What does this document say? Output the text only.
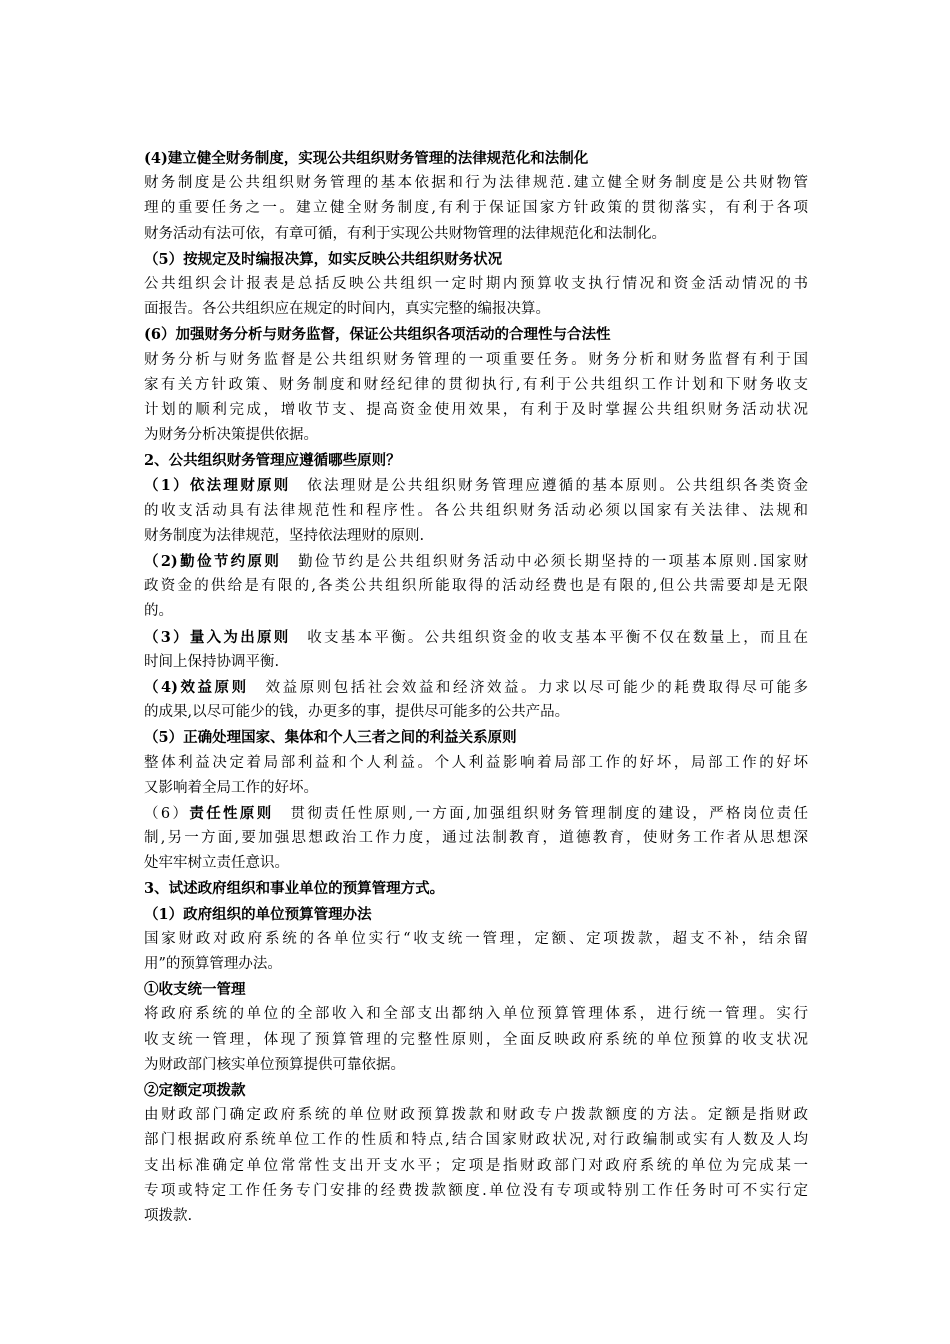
(4)建立健全财务制度，实现公共组织财务管理的法律规范化和法制化
财务制度是公共组织财务管理的基本依据和行为法律规范.建立健全财务制度是公共财物管
理的重要任务之一。建立健全财务制度,有利于保证国家方针政策的贯彻落实，有利于各项
财务活动有法可依，有章可循，有利于实现公共财物管理的法律规范化和法制化。
（5）按规定及时编报决算，如实反映公共组织财务状况
公共组织会计报表是总括反映公共组织一定时期内预算收支执行情况和资金活动情况的书
面报告。各公共组织应在规定的时间内，真实完整的编报决算。
(6）加强财务分析与财务监督，保证公共组织各项活动的合理性与合法性
财务分析与财务监督是公共组织财务管理的一项重要任务。财务分析和财务监督有利于国
家有关方针政策、财务制度和财经纪律的贯彻执行,有利于公共组织工作计划和下财务收支
计划的顺利完成，增收节支、提高资金使用效果，有利于及时掌握公共组织财务活动状况
为财务分析决策提供依据。
2、公共组织财务管理应遵循哪些原则？
（1）依法理财原则　依法理财是公共组织财务管理应遵循的基本原则。公共组织各类资金
的收支活动具有法律规范性和程序性。各公共组织财务活动必须以国家有关法律、法规和
财务制度为法律规范，坚持依法理财的原则.
（2)勤俭节约原则　勤俭节约是公共组织财务活动中必须长期坚持的一项基本原则.国家财
政资金的供给是有限的,各类公共组织所能取得的活动经费也是有限的,但公共需要却是无限
的。
（3）量入为出原则　收支基本平衡。公共组织资金的收支基本平衡不仅在数量上，而且在
时间上保持协调平衡.
（4)效益原则　效益原则包括社会效益和经济效益。力求以尽可能少的耗费取得尽可能多
的成果,以尽可能少的钱，办更多的事，提供尽可能多的公共产品。
（5）正确处理国家、集体和个人三者之间的利益关系原则
整体利益决定着局部利益和个人利益。个人利益影响着局部工作的好坏，局部工作的好坏
又影响着全局工作的好坏。
（6）责任性原则　贯彻责任性原则,一方面,加强组织财务管理制度的建设，严格岗位责任
制,另一方面,要加强思想政治工作力度，通过法制教育，道德教育，使财务工作者从思想深
处牢牢树立责任意识。
3、试述政府组织和事业单位的预算管理方式。
（1）政府组织的单位预算管理办法
国家财政对政府系统的各单位实行“收支统一管理，定额、定项拨款，超支不补，结余留
用”的预算管理办法。
①收支统一管理
将政府系统的单位的全部收入和全部支出都纳入单位预算管理体系，进行统一管理。实行
收支统一管理，体现了预算管理的完整性原则，全面反映政府系统的单位预算的收支状况
为财政部门核实单位预算提供可靠依据。
②定额定项拨款
由财政部门确定政府系统的单位财政预算拨款和财政专户拨款额度的方法。定额是指财政
部门根据政府系统单位工作的性质和特点,结合国家财政状况,对行政编制或实有人数及人均
支出标准确定单位常常性支出开支水平；定项是指财政部门对政府系统的单位为完成某一
专项或特定工作任务专门安排的经费拨款额度.单位没有专项或特别工作任务时可不实行定
项拨款.
